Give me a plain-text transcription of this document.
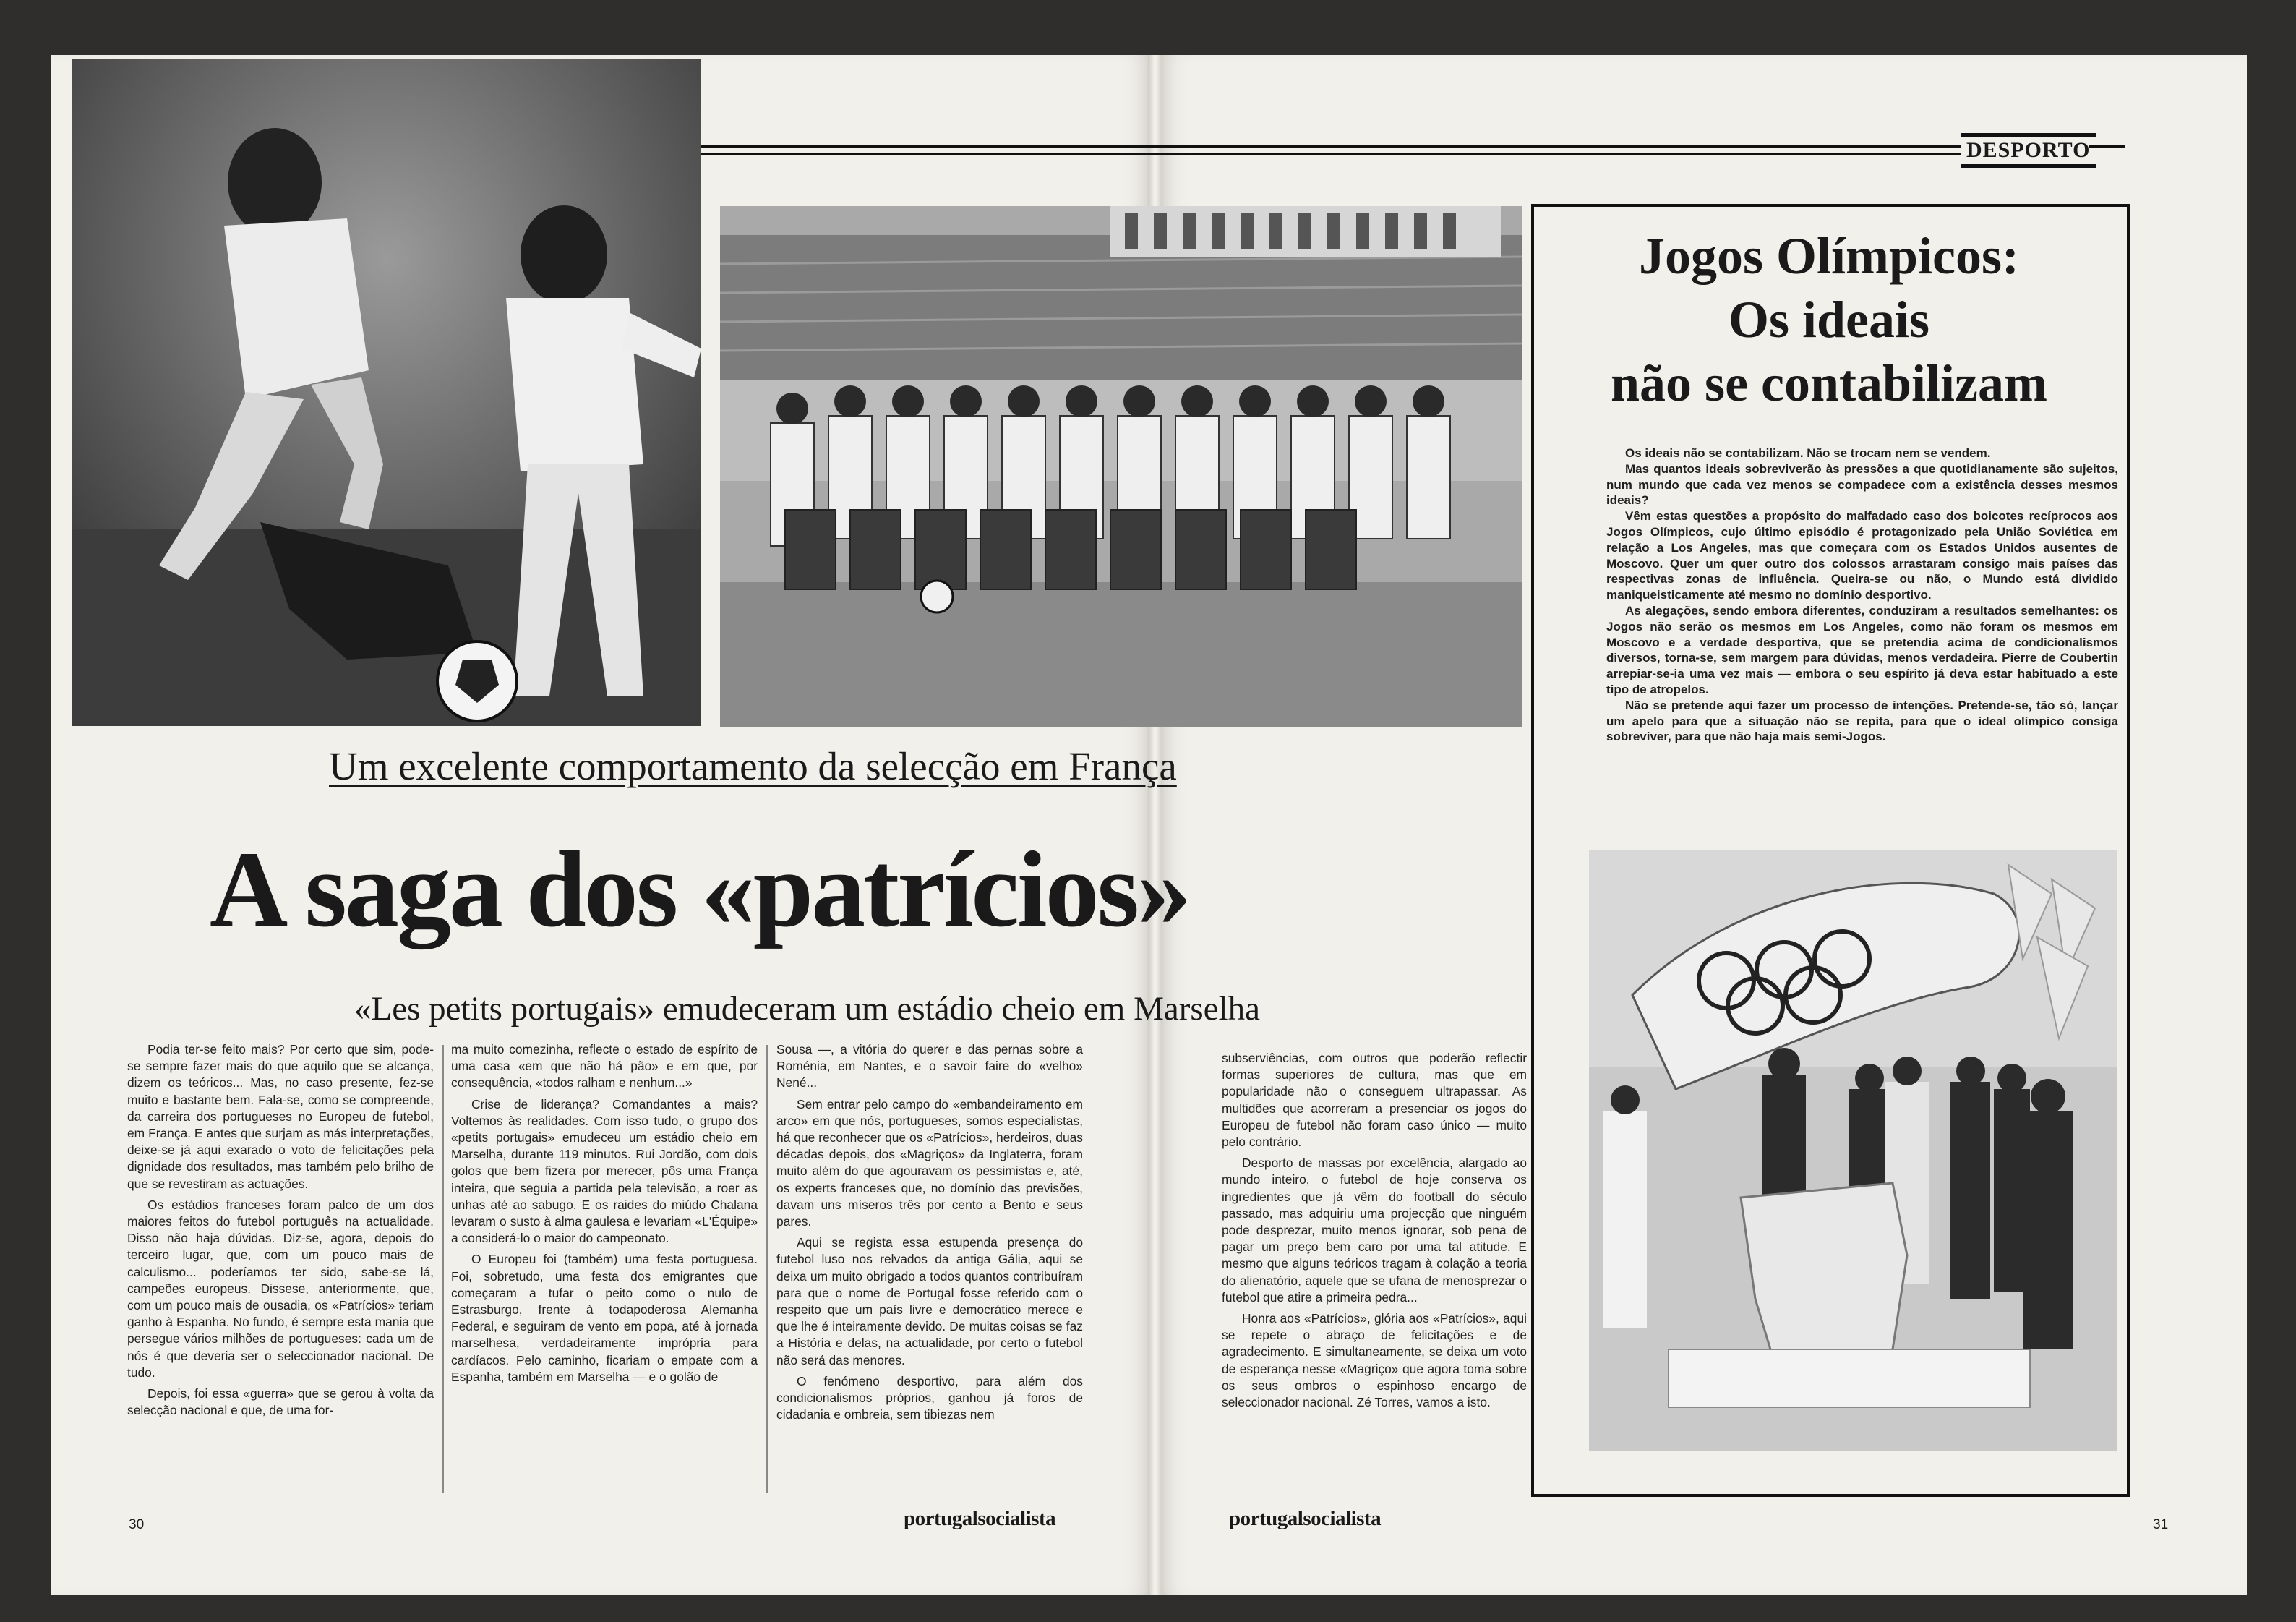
DESPORTO
Um excelente comportamento da selecção em França
A saga dos «patrícios»
«Les petits portugais» emudeceram um estádio cheio em Marselha

Podia ter-se feito mais? Por certo que sim, pode-se sempre fazer mais do que aquilo que se alcança, dizem os teóricos... Mas, no caso presente, fez-se muito e bastante bem. Fala-se, como se compreende, da carreira dos portugueses no Europeu de futebol, em França. E antes que surjam as más interpretações, deixe-se já aqui exarado o voto de felicitações pela dignidade dos resultados, mas também pelo brilho de que se revestiram as actuações.

Os estádios franceses foram palco de um dos maiores feitos do futebol português na actualidade. Disso não haja dúvidas. Diz-se, agora, depois do terceiro lugar, que, com um pouco mais de calculismo... poderíamos ter sido, sabe-se lá, campeões europeus. Dissese, anteriormente, que, com um pouco mais de ousadia, os «Patrícios» teriam ganho à Espanha. No fundo, é sempre esta mania que persegue vários milhões de portugueses: cada um de nós é que deveria ser o seleccionador nacional. De tudo.

Depois, foi essa «guerra» que se gerou à volta da selecção nacional e que, de uma for-

ma muito comezinha, reflecte o estado de espírito de uma casa «em que não há pão» e em que, por consequência, «todos ralham e nenhum...»

Crise de liderança? Comandantes a mais? Voltemos às realidades. Com isso tudo, o grupo dos «petits portugais» emudeceu um estádio cheio em Marselha, durante 119 minutos. Rui Jordão, com dois golos que bem fizera por merecer, pôs uma França inteira, que seguia a partida pela televisão, a roer as unhas até ao sabugo. E os raides do miúdo Chalana levaram o susto à alma gaulesa e levariam «L'Équipe» a considerá-lo o maior do campeonato.

O Europeu foi (também) uma festa portuguesa. Foi, sobretudo, uma festa dos emigrantes que começaram a tufar o peito como o nulo de Estrasburgo, frente à todapoderosa Alemanha Federal, e seguiram de vento em popa, até à jornada marselhesa, verdadeiramente imprópria para cardíacos. Pelo caminho, ficariam o empate com a Espanha, também em Marselha — e o golão de

Sousa —, a vitória do querer e das pernas sobre a Roménia, em Nantes, e o savoir faire do «velho» Nené...

Sem entrar pelo campo do «embandeiramento em arco» em que nós, portugueses, somos especialistas, há que reconhecer que os «Patrícios», herdeiros, duas décadas depois, dos «Magriços» da Inglaterra, foram muito além do que agouravam os pessimistas e, até, os experts franceses que, no domínio das previsões, davam uns míseros três por cento a Bento e seus pares.

Aqui se regista essa estupenda presença do futebol luso nos relvados da antiga Gália, aqui se deixa um muito obrigado a todos quantos contribuíram para que o nome de Portugal fosse referido com o respeito que um país livre e democrático merece e que lhe é inteiramente devido. De muitas coisas se faz a História e delas, na actualidade, por certo o futebol não será das menores.

O fenómeno desportivo, para além dos condicionalismos próprios, ganhou já foros de cidadania e ombreia, sem tibiezas nem

subserviências, com outros que poderão reflectir formas superiores de cultura, mas que em popularidade não o conseguem ultrapassar. As multidões que acorreram a presenciar os jogos do Europeu de futebol não foram caso único — muito pelo contrário.

Desporto de massas por excelência, alargado ao mundo inteiro, o futebol de hoje conserva os ingredientes que já vêm do football do século passado, mas adquiriu uma projecção que ninguém pode desprezar, muito menos ignorar, sob pena de pagar um preço bem caro por uma tal atitude. E mesmo que alguns teóricos tragam à colação a teoria do alienatório, aquele que se ufana de menosprezar o futebol que atire a primeira pedra...

Honra aos «Patrícios», glória aos «Patrícios», aqui se repete o abraço de felicitações e de agradecimento. E simultaneamente, se deixa um voto de esperança nesse «Magriço» que agora toma sobre os seus ombros o espinhoso encargo de seleccionador nacional. Zé Torres, vamos a isto.

Jogos Olímpicos:
Os ideais
não se contabilizam

Os ideais não se contabilizam. Não se trocam nem se vendem.

Mas quantos ideais sobreviverão às pressões a que quotidianamente são sujeitos, num mundo que cada vez menos se compadece com a existência desses mesmos ideais?

Vêm estas questões a propósito do malfadado caso dos boicotes recíprocos aos Jogos Olímpicos, cujo último episódio é protagonizado pela União Soviética em relação a Los Angeles, mas que começara com os Estados Unidos ausentes de Moscovo. Quer um quer outro dos colossos arrastaram consigo mais países das respectivas zonas de influência. Queira-se ou não, o Mundo está dividido maniqueisticamente até mesmo no domínio desportivo.

As alegações, sendo embora diferentes, conduziram a resultados semelhantes: os Jogos não serão os mesmos em Los Angeles, como não foram os mesmos em Moscovo e a verdade desportiva, que se pretendia acima de condicionalismos diversos, torna-se, sem margem para dúvidas, menos verdadeira. Pierre de Coubertin arrepiar-se-ia uma vez mais — embora o seu espírito já deva estar habituado a este tipo de atropelos.

Não se pretende aqui fazer um processo de intenções. Pretende-se, tão só, lançar um apelo para que a situação não se repita, para que o ideal olímpico consiga sobreviver, para que não haja mais semi-Jogos.

30	portugalsocialista	portugalsocialista	31
